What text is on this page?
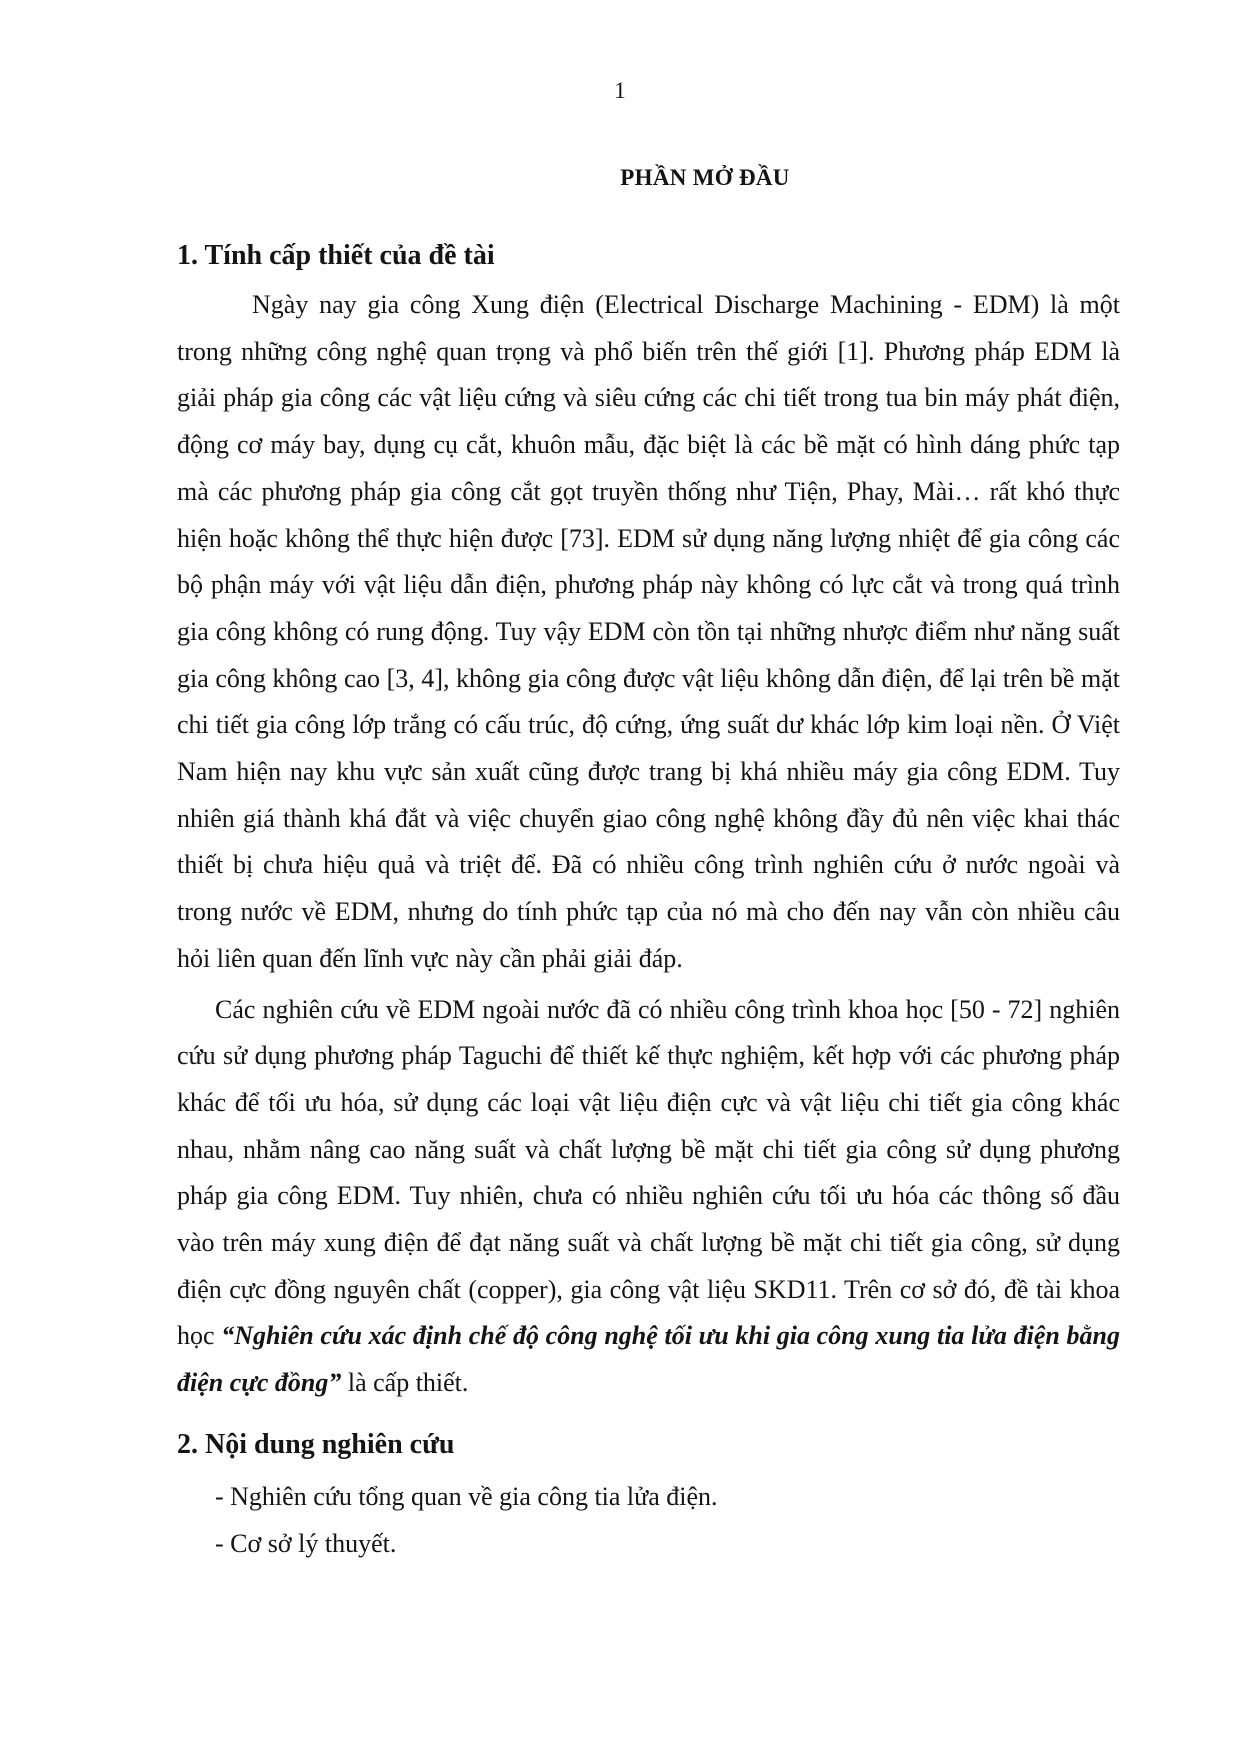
1
PHẦN MỞ ĐẦU
1. Tính cấp thiết của đề tài

Ngày nay gia công Xung điện (Electrical Discharge Machining - EDM) là một trong những công nghệ quan trọng và phổ biến trên thế giới [1]. Phương pháp EDM là giải pháp gia công các vật liệu cứng và siêu cứng các chi tiết trong tua bin máy phát điện, động cơ máy bay, dụng cụ cắt, khuôn mẫu, đặc biệt là các bề mặt có hình dáng phức tạp mà các phương pháp gia công cắt gọt truyền thống như Tiện, Phay, Mài… rất khó thực hiện hoặc không thể thực hiện được [73]. EDM sử dụng năng lượng nhiệt để gia công các bộ phận máy với vật liệu dẫn điện, phương pháp này không có lực cắt và trong quá trình gia công không có rung động. Tuy vậy EDM còn tồn tại những nhược điểm như năng suất gia công không cao [3, 4], không gia công được vật liệu không dẫn điện, để lại trên bề mặt chi tiết gia công lớp trắng có cấu trúc, độ cứng, ứng suất dư khác lớp kim loại nền. Ở Việt Nam hiện nay khu vực sản xuất cũng được trang bị khá nhiều máy gia công EDM. Tuy nhiên giá thành khá đắt và việc chuyển giao công nghệ không đầy đủ nên việc khai thác thiết bị chưa hiệu quả và triệt để. Đã có nhiều công trình nghiên cứu ở nước ngoài và trong nước về EDM, nhưng do tính phức tạp của nó mà cho đến nay vẫn còn nhiều câu hỏi liên quan đến lĩnh vực này cần phải giải đáp.

Các nghiên cứu về EDM ngoài nước đã có nhiều công trình khoa học [50 - 72] nghiên cứu sử dụng phương pháp Taguchi để thiết kế thực nghiệm, kết hợp với các phương pháp khác để tối ưu hóa, sử dụng các loại vật liệu điện cực và vật liệu chi tiết gia công khác nhau, nhằm nâng cao năng suất và chất lượng bề mặt chi tiết gia công sử dụng phương pháp gia công EDM. Tuy nhiên, chưa có nhiều nghiên cứu tối ưu hóa các thông số đầu vào trên máy xung điện để đạt năng suất và chất lượng bề mặt chi tiết gia công, sử dụng điện cực đồng nguyên chất (copper), gia công vật liệu SKD11. Trên cơ sở đó, đề tài khoa học “Nghiên cứu xác định chế độ công nghệ tối ưu khi gia công xung tia lửa điện bằng điện cực đồng” là cấp thiết.

2. Nội dung nghiên cứu
- Nghiên cứu tổng quan về gia công tia lửa điện.
- Cơ sở lý thuyết.
